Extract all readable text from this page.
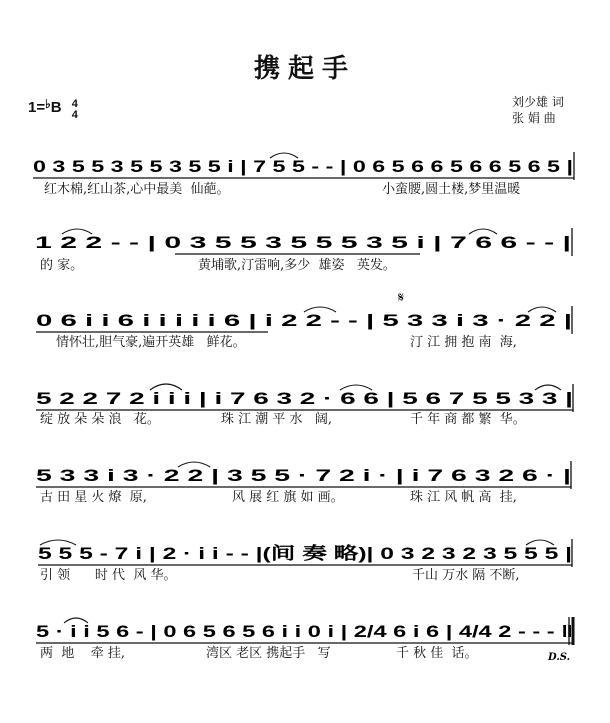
携起手
1=♭B 4
4
刘少雄 词
张 娟 曲
0 3 5 5 3 5 5 3 5 5 i | 7 5 5 - - | 0 6 5 6 6 5 6 6 5 6 5 |
1 2 2 - - | 0 3 5 5 3 5 5 5 3 5 i | 7 6 6 - - |
𝄋
0 6 i i 6 i i i i i 6 | i 2 2 - - | 5 3 3 i 3 · 2 2 |
5 2 2 7 2 i i i | i 7 6 3 2 · 6 6 | 5 6 7 5 5 3 3 |
5 3 3 i 3 · 2 2 | 3 5 5 · 7 2 i · | i 7 6 3 2 6 · |
5 5 5 - 7 i | 2 · i i - - |(间 奏 略)| 0 3 2 3 2 3 5 5 5 |
5 · i i 5 6 - | 0 6 5 6 5 6 i i 0 i | 2/4 6 i 6 | 4/4 2 - - - ‖
D.S.
红木棉,红山茶,心中最美  仙葩。	小蛮腰,圆土楼,梦里温暖
的 家。	黄埔歌,汀雷响,多少  雄姿   英发。
情怀壮,胆气豪,遍开英雄   鲜花。	汀 江 拥 抱 南  海,
绽 放 朵 朵 浪   花。	珠 江 潮 平 水   阔,	千 年 商 都 繁  华。
古 田 星 火 燎  原,	风 展 红 旗 如 画。	珠 江 风 帆 高  挂,
引 领      时 代  风 华。	千山 万水 隔 不断,
两  地    牵 挂,	湾区 老区 携起手   写	千 秋 佳  话。
